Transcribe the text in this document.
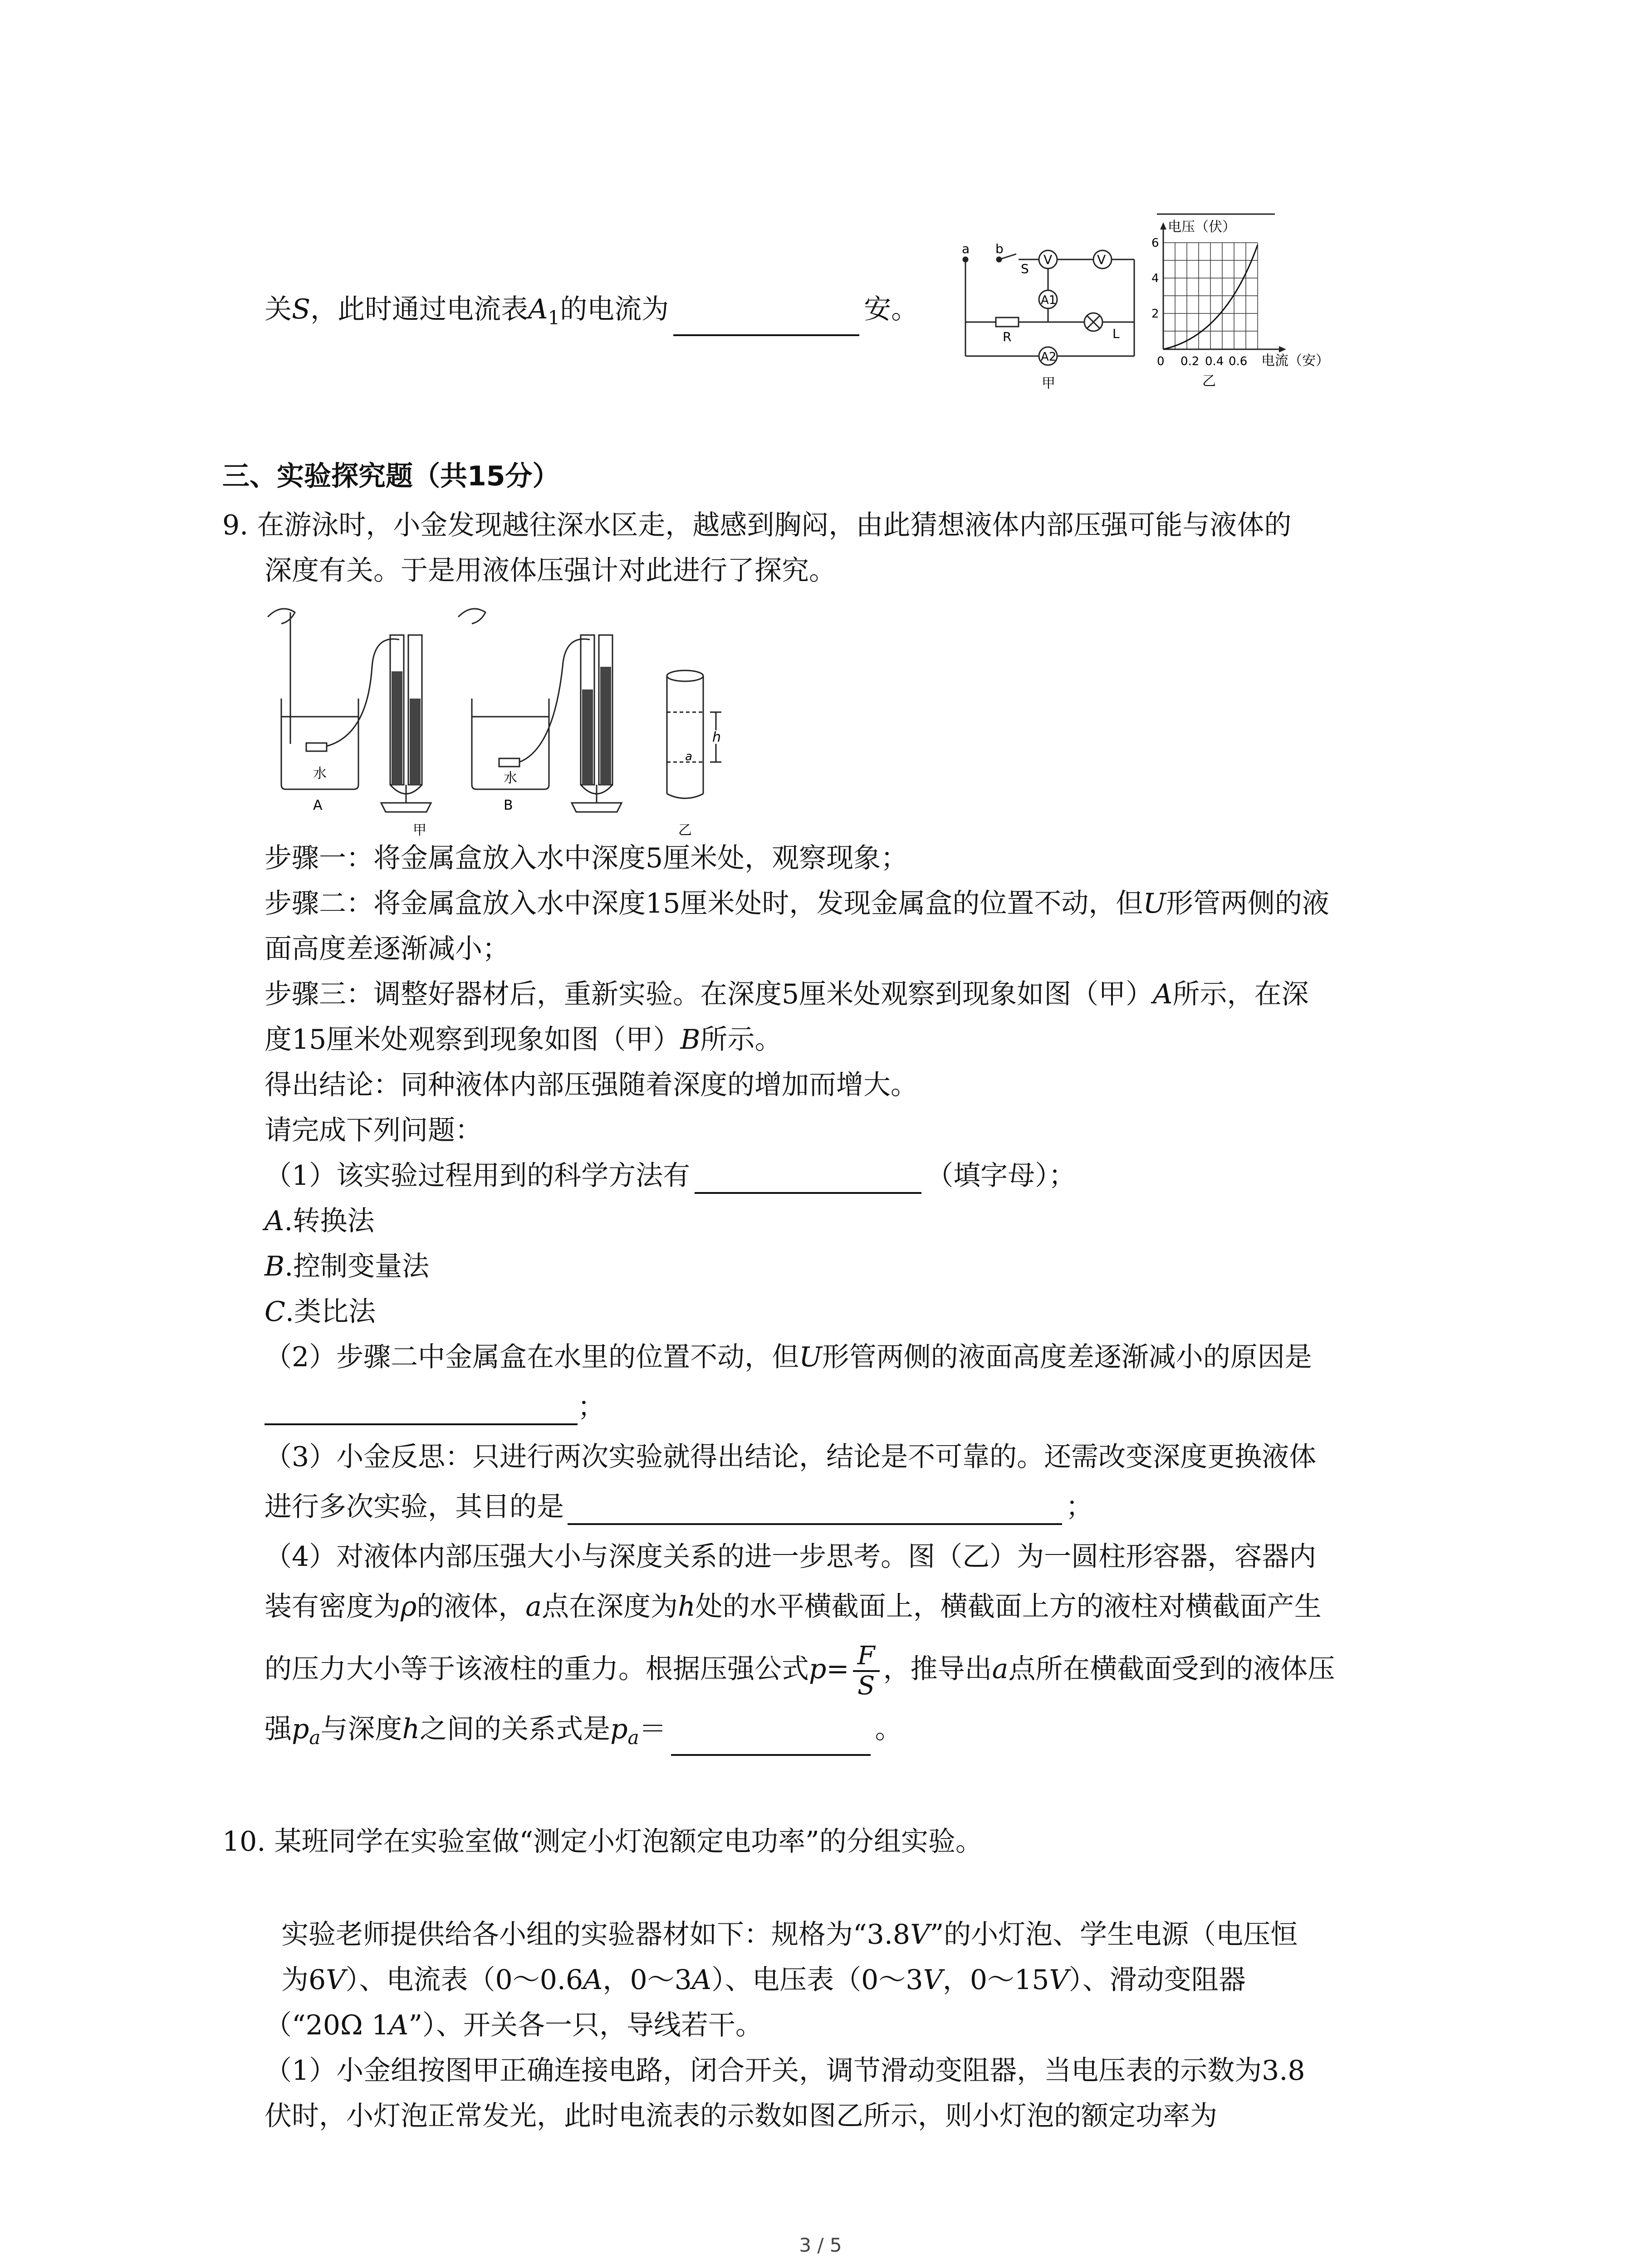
关S，此时通过电流表$A_1$的电流为	安。
a b
S
V	V
A1
A2
R	L
甲
电压（伏）
6
4
2
0 0.2 0.4 0.6 电流（安）
乙
三、实验探究题（共15分）
9. 在游泳时，小金发现越往深水区走，越感到胸闷，由此猜想液体内部压强可能与液体的
深度有关。于是用液体压强计对此进行了探究。
水	水
A	B
甲	乙
h
a
步骤一：将金属盒放入水中深度5厘米处，观察现象；
步骤二：将金属盒放入水中深度15厘米处时，发现金属盒的位置不动，但U形管两侧的液
面高度差逐渐减小；
步骤三：调整好器材后，重新实验。在深度5厘米处观察到现象如图（甲）A所示，在深
度15厘米处观察到现象如图（甲）B所示。
得出结论：同种液体内部压强随着深度的增加而增大。
请完成下列问题：
（1）该实验过程用到的科学方法有	（填字母）；
A.转换法
B.控制变量法
C.类比法
（2）步骤二中金属盒在水里的位置不动，但U形管两侧的液面高度差逐渐减小的原因是
；
（3）小金反思：只进行两次实验就得出结论，结论是不可靠的。还需改变深度更换液体
进行多次实验，其目的是	；
（4）对液体内部压强大小与深度关系的进一步思考。图（乙）为一圆柱形容器，容器内
装有密度为ρ的液体，a点在深度为h处的水平横截面上，横截面上方的液柱对横截面产生
的压力大小等于该液柱的重力。根据压强公式$p= \frac{F}{S}$ ，推导出a点所在横截面受到的液体压
强$p_a$与深度h之间的关系式是$p_a=$	。
10. 某班同学在实验室做“测定小灯泡额定电功率”的分组实验。
实验老师提供给各小组的实验器材如下：规格为“3.8V”的小灯泡、学生电源（电压恒
为6V）、电流表（0～0.6A，0～3A）、电压表（0～3V，0～15V）、滑动变阻器
（“20Ω 1A”）、开关各一只，导线若干。
（1）小金组按图甲正确连接电路，闭合开关，调节滑动变阻器，当电压表的示数为3.8
伏时，小灯泡正常发光，此时电流表的示数如图乙所示，则小灯泡的额定功率为
3 / 5
